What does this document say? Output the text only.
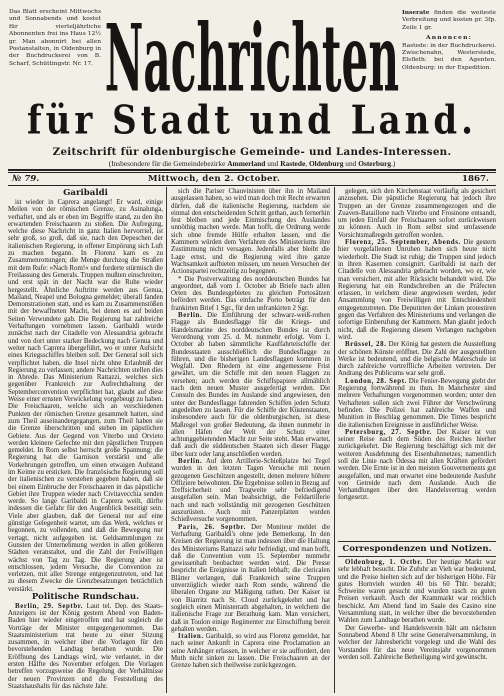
Das Blatt erscheint Mittwochs und Sonnabends und kostet für vierteljährliche Abonnenten frei ins Haus 12½ gr. Man abonnirt bei allen Postanstalten, in Oldenburg in der Buchdruckerei von B. Scharf, Schüttingstr. Nr. 17.

Inserate finden die weiteste Verbreitung und kosten pr. 3fp. Zeile 1 gr.

Annoncen:

Rastede: in der Buchdruckerei. Zwischenahn, Westerstede, Elsfleth: bei den Agenten. Oldenburg: in der Expedition.

Nachrichten
für Stadt und Land.
Zeitschrift für oldenburgische Gemeinde- und Landes-Interessen.
(Insbesondere für die Gemeindebezirke Ammerland und Rastede, Oldenburg und Osterburg.)
№ 79.	Mittwoch, den 2. October.	1867.
Garibaldi

ist wieder in Caprera angelangt! Er ward, einige Meilen von der römischen Grenze, zu Asinalunga, verhaftet, und als er eben im Begriffe stand, zu den ihn erwartenden Freischaaren zu stoßen. Die Aufregung, welche diese Nachricht in ganz Italien hervorrief, ist sehr groß, so groß, daß sie, nach den Depeschen der italienischen Regierung, in offener Empörung sich Luft zu machen begann. In Florenz kam es zu Zusammenrottungen; die Menge durchzog die Straßen mit dem Rufe: »Nach Rom!« und forderte stürmisch die Freilassung des Generals. Truppen mußten einschreiten, und erst spät in der Nacht war die Ruhe wieder hergestellt. Ähnliche Auftritte werden aus Genua, Mailand, Neapel und Bologna gemeldet; überall fanden Demonstrationen statt, und es kam zu Zusammenstößen mit der bewaffneten Macht, bei denen es auf beiden Seiten Verwundete gab. Die Regierung hat zahlreiche Verhaftungen vornehmen lassen. Garibaldi wurde zunächst nach der Citadelle von Alessandria gebracht und von dort unter starker Bedeckung nach Genua und weiter nach Caprera übergeführt, wo er unter Aufsicht eines Kriegsschiffes bleiben soll. Der General soll sich verpflichtet haben, die Insel nicht ohne Erlaubniß der Regierung zu verlassen; andere Nachrichten stellen dies in Abrede. Das Ministerium Rattazzi, welches sich gegenüber Frankreich zur Aufrechthaltung der Septemberconvention verpflichtet hat, glaubt auf diese Weise einer ernsten Verwickelung vorgebeugt zu haben. Die Freischaaren, welche sich an verschiedenen Punkten der römischen Grenze gesammelt hatten, sind zum Theil auseinandergegangen, zum Theil haben sie die Grenze überschritten und stehen im päpstlichen Gebiete. Aus der Gegend von Viterbo und Orvieto werden kleinere Gefechte mit den päpstlichen Truppen gemeldet. In Rom selbst herrscht große Spannung; die Regierung hat die Garnison verstärkt und alle Vorkehrungen getroffen, um einen etwaigen Aufstand im Keime zu ersticken. Die französische Regierung soll der italienischen zu verstehen gegeben haben, daß sie bei einem Einbruche der Freischaaren in das päpstliche Gebiet ihre Truppen wieder nach Civitavecchia senden werde. So lange Garibaldi in Caprera weilt, dürfte indessen die Gefahr für den Augenblick beseitigt sein. Viele aber glauben, daß der General nur auf eine günstige Gelegenheit wartet, um das Werk, welches er begonnen, zu vollenden, und daß die Bewegung nur vertagt, nicht aufgegeben ist. Geldsammlungen zu Gunsten der Unternehmung werden in allen größeren Städten veranstaltet, und die Zahl der Freiwilligen wächst von Tag zu Tag. Die Regierung aber ist entschlossen, jedem Versuche, die Convention zu verletzen, mit aller Strenge entgegenzutreten, und hat zu diesem Zwecke die Grenzbesatzungen beträchtlich verstärkt.

Politische Rundschau.

Berlin, 29. Septbr. Laut tel. Dep. des Staats-Anzeigers ist der König gestern Abend von Baden-Baden hier wieder eingetroffen und hat sogleich die Vorträge der Minister entgegengenommen. Das Staatsministerium trat heute zu einer Sitzung zusammen, in welcher über die Vorlagen für den bevorstehenden Landtag berathen wurde. Die Eröffnung des Landtags wird, wie verlautet, in der ersten Hälfte des November erfolgen. Die Vorlagen betreffen vorzugsweise die Regelung der Verhältnisse der neuen Provinzen und die Feststellung des Staatshaushalts für das nächste Jahr.

sich die Pariser Chauvinisten über ihn in Mailand ausgelassen haben, so wird man doch mit Recht erwarten dürfen, daß die italienische Regierung, nachdem sie einmal den entscheidenden Schritt gethan, auch fernerhin fest bleiben und jede Einmischung des Auslandes unnöthig machen werde. Man hofft, die Ordnung werde sich ohne fremde Hülfe erhalten lassen, und die Kammern würden dem Verfahren des Ministeriums ihre Zustimmung nicht versagen. Jedenfalls aber bleibt die Lage ernst, und die Regierung wird ihre ganze Wachsamkeit aufbieten müssen, um neuen Versuchen der Actionspartei rechtzeitig zu begegnen.

* Die Postverwaltung des norddeutschen Bundes hat angeordnet, daß vom 1. October ab Briefe nach allen Orten des Bundesgebietes zu gleichen Portosätzen befördert werden. Das einfache Porto beträgt für den frankirten Brief 1 Sgr., für den unfrankirten 2 Sgr.

Berlin. Die Einführung der schwarz-weiß-rothen Flagge als Bundesflagge für die Kriegs- und Handelsmarine des norddeutschen Bundes ist durch Verordnung vom 25. d. M. nunmehr erfolgt. Vom 1. October ab haben sämmtliche Kauffahrteischiffe der Bundesstaaten ausschließlich die Bundesflagge zu führen, und die bisherigen Landesflaggen kommen in Wegfall. Den Rhedern ist eine angemessene Frist gewährt, um die Schiffe mit den neuen Flaggen zu versehen; auch werden die Schiffspapiere allmählich nach dem neuen Muster ausgefertigt werden. Die Consuln des Bundes im Auslande sind angewiesen, den unter der Bundesflagge fahrenden Schiffen jeden Schutz angedeihen zu lassen. Für die Schiffe der Küstenstaaten, insbesondere auch für die oldenburgischen, ist diese Maßregel von großer Bedeutung, da ihnen nunmehr in allen Häfen der Welt der Schutz einer achtunggebietenden Macht zur Seite steht. Man erwartet, daß auch die süddeutschen Staaten sich dieser Flagge über kurz oder lang anschließen werden.

Berlin. Auf dem Artillerie-Schießplatze bei Tegel wurden in den letzten Tagen Versuche mit neuen gezogenen Geschützen angestellt, denen mehrere höhere Offiziere beiwohnten. Die Ergebnisse sollen in Bezug auf Treffsicherheit und Tragweite sehr befriedigend ausgefallen sein. Man beabsichtigt, die Feldartillerie nach und nach vollständig mit gezogenen Geschützen auszurüsten. Auch mit Panzerplatten wurden Schießversuche vorgenommen.

Paris, 26. Septbr. Der Moniteur meldet die Verhaftung Garibaldi's ohne jede Bemerkung. In den Kreisen der Regierung ist man indessen über die Haltung des Ministeriums Rattazzi sehr befriedigt, und man hofft, daß die Convention vom 15. September nunmehr gewissenhaft beobachtet werden wird. Die Presse bespricht die Ereignisse in Italien lebhaft; die clericalen Blätter verlangen, daß Frankreich seine Truppen unverzüglich wieder nach Rom sende, während die liberalen Organe zur Mäßigung rathen. Der Kaiser ist von Biarritz nach St. Cloud zurückgekehrt und hat sogleich einen Ministerrath abgehalten, in welchem die italienische Frage zur Berathung kam. Man versichert, daß in Toulon einige Regimenter zur Einschiffung bereit gehalten werden.

Italien. Garibaldi, so wird aus Florenz gemeldet, hat nach seiner Ankunft in Caprera eine Proclamation an seine Anhänger erlassen, in welcher er sie auffordert, den Muth nicht sinken zu lassen. Die Freischaaren an der Grenze haben sich theilweise zurückgezogen.

gelegen, sich den Kirchenstaat vorläufig als gesichert anzusehen. Die päpstliche Regierung hat jedoch ihre Truppen an der Grenze zusammengezogen und die Zuaven-Bataillone nach Viterbo und Frosinone entsandt, um jeden Einfall der Freischaaren sofort zurückweisen zu können. Auch in Rom selbst sind umfassende Vorsichtsmaßregeln getroffen worden.

Florenz, 25. September, Abends. Die gestern hier vorgefallenen Unruhen haben sich heute nicht wiederholt. Die Stadt ist ruhig; die Truppen sind jedoch in ihren Kasernen consignirt. Garibaldi ist nach der Citadelle von Alessandria gebracht worden, wo er, wie man versichert, mit aller Rücksicht behandelt wird. Die Regierung hat ein Rundschreiben an die Präfecten erlassen, in welchem diese angewiesen werden, jeder Ansammlung von Freiwilligen mit Entschiedenheit entgegenzutreten. Die Deputirten der Linken protestiren gegen das Verfahren des Ministeriums und verlangen die sofortige Einberufung der Kammern. Man glaubt jedoch nicht, daß die Regierung diesem Verlangen nachgeben wird.

Brüssel, 28. Der König hat gestern die Ausstellung der schönen Künste eröffnet. Die Zahl der ausgestellten Werke ist bedeutend, und die belgische Malerschule ist durch zahlreiche vortreffliche Arbeiten vertreten. Der Andrang des Publicums war sehr groß.

London, 28. Sept. Die Fenier-Bewegung giebt der Regierung fortwährend zu thun. In Manchester sind mehrere Verhaftungen vorgenommen worden; unter den Verhafteten sollen sich zwei Führer der Verschwörung befinden. Die Polizei hat zahlreiche Waffen und Munition in Beschlag genommen. Die Times bespricht die italienischen Ereignisse in ausführlicher Weise.

Petersburg, 27. Septbr. Der Kaiser ist von seiner Reise nach dem Süden des Reiches hierher zurückgekehrt. Die Regierung beschäftigt sich mit der weiteren Ausdehnung des Eisenbahnnetzes; namentlich soll die Linie nach Odessa mit allen Kräften gefördert werden. Die Ernte ist in den meisten Gouvernements gut ausgefallen, und man erwartet eine bedeutende Ausfuhr von Getreide nach dem Auslande. Auch die Verhandlungen über den Handelsvertrag werden fortgesetzt.

Correspondenzen und Notizen.

Oldenburg, 1. Octbr. Der heutige Markt war sehr lebhaft besucht. Die Zufuhr an Vieh war bedeutend, und die Preise hielten sich auf der bisherigen Höhe. Für gutes Hornvieh wurden 40 bis 60 Thlr. bezahlt; Schweine waren gesucht und wurden rasch zu guten Preisen verkauft. Auch der Krammarkt war reichlich beschickt. Am Abend fand im Saale des Casino eine Versammlung statt, in welcher über die bevorstehenden Wahlen zum Landtage berathen wurde.

Der Gewerbe- und Handelsverein hält am nächsten Sonnabend Abend 8 Uhr seine Generalversammlung, in welcher der Jahresbericht vorgelegt und die Wahl des Vorstandes für das neue Vereinsjahr vorgenommen werden soll. Zahlreiche Betheiligung wird gewünscht.
